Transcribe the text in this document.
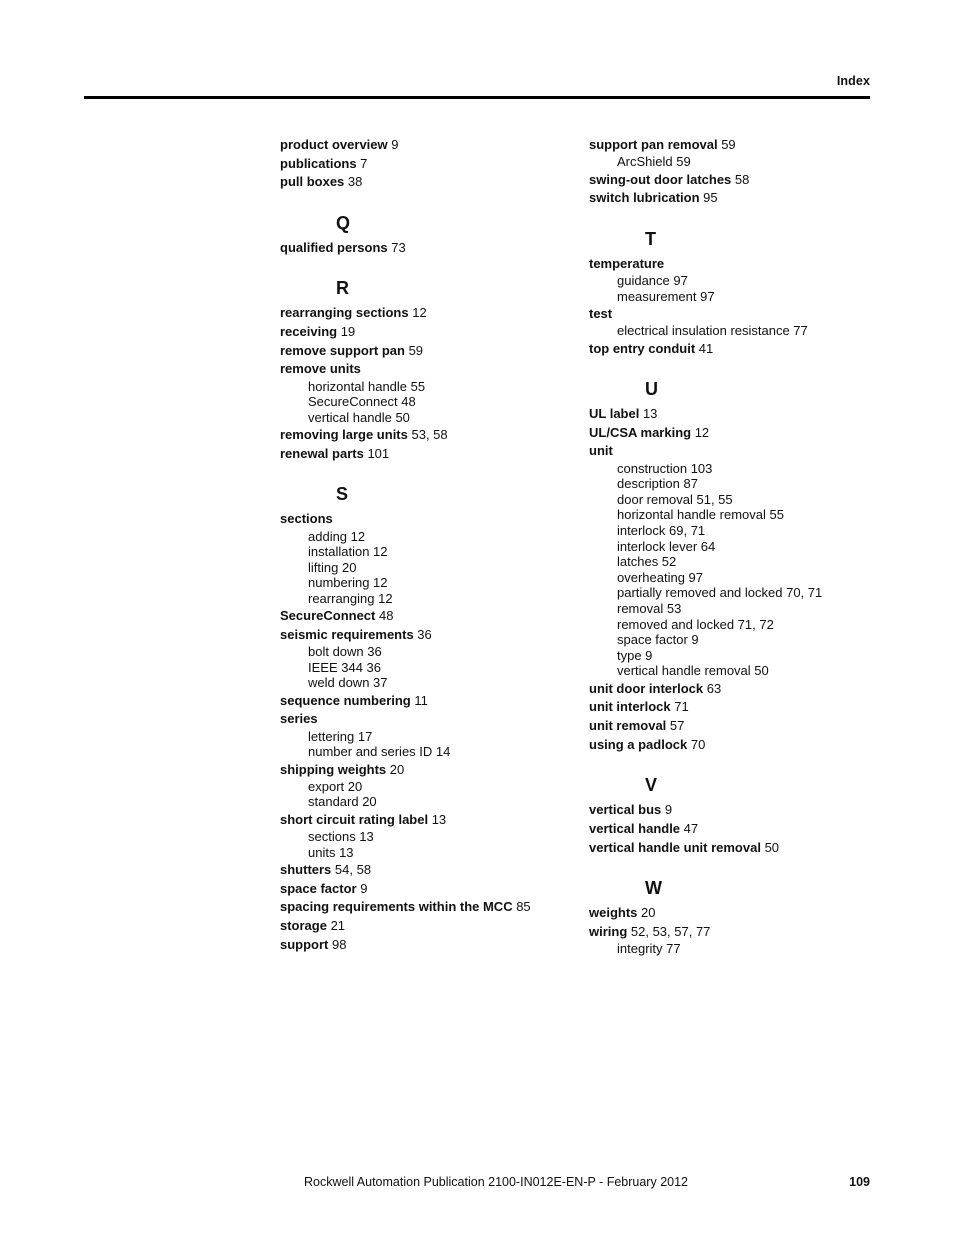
Index
product overview 9
publications 7
pull boxes 38
Q
qualified persons 73
R
rearranging sections 12
receiving 19
remove support pan 59
remove units
horizontal handle 55
SecureConnect 48
vertical handle 50
removing large units 53, 58
renewal parts 101
S
sections
adding 12
installation 12
lifting 20
numbering 12
rearranging 12
SecureConnect 48
seismic requirements 36
bolt down 36
IEEE 344 36
weld down 37
sequence numbering 11
series
lettering 17
number and series ID 14
shipping weights 20
export 20
standard 20
short circuit rating label 13
sections 13
units 13
shutters 54, 58
space factor 9
spacing requirements within the MCC 85
storage 21
support 98
support pan removal 59
ArcShield 59
swing-out door latches 58
switch lubrication 95
T
temperature
guidance 97
measurement 97
test
electrical insulation resistance 77
top entry conduit 41
U
UL label 13
UL/CSA marking 12
unit
construction 103
description 87
door removal 51, 55
horizontal handle removal 55
interlock 69, 71
interlock lever 64
latches 52
overheating 97
partially removed and locked 70, 71
removal 53
removed and locked 71, 72
space factor 9
type 9
vertical handle removal 50
unit door interlock 63
unit interlock 71
unit removal 57
using a padlock 70
V
vertical bus 9
vertical handle 47
vertical handle unit removal 50
W
weights 20
wiring 52, 53, 57, 77
integrity 77
Rockwell Automation Publication 2100-IN012E-EN-P - February 2012	109
